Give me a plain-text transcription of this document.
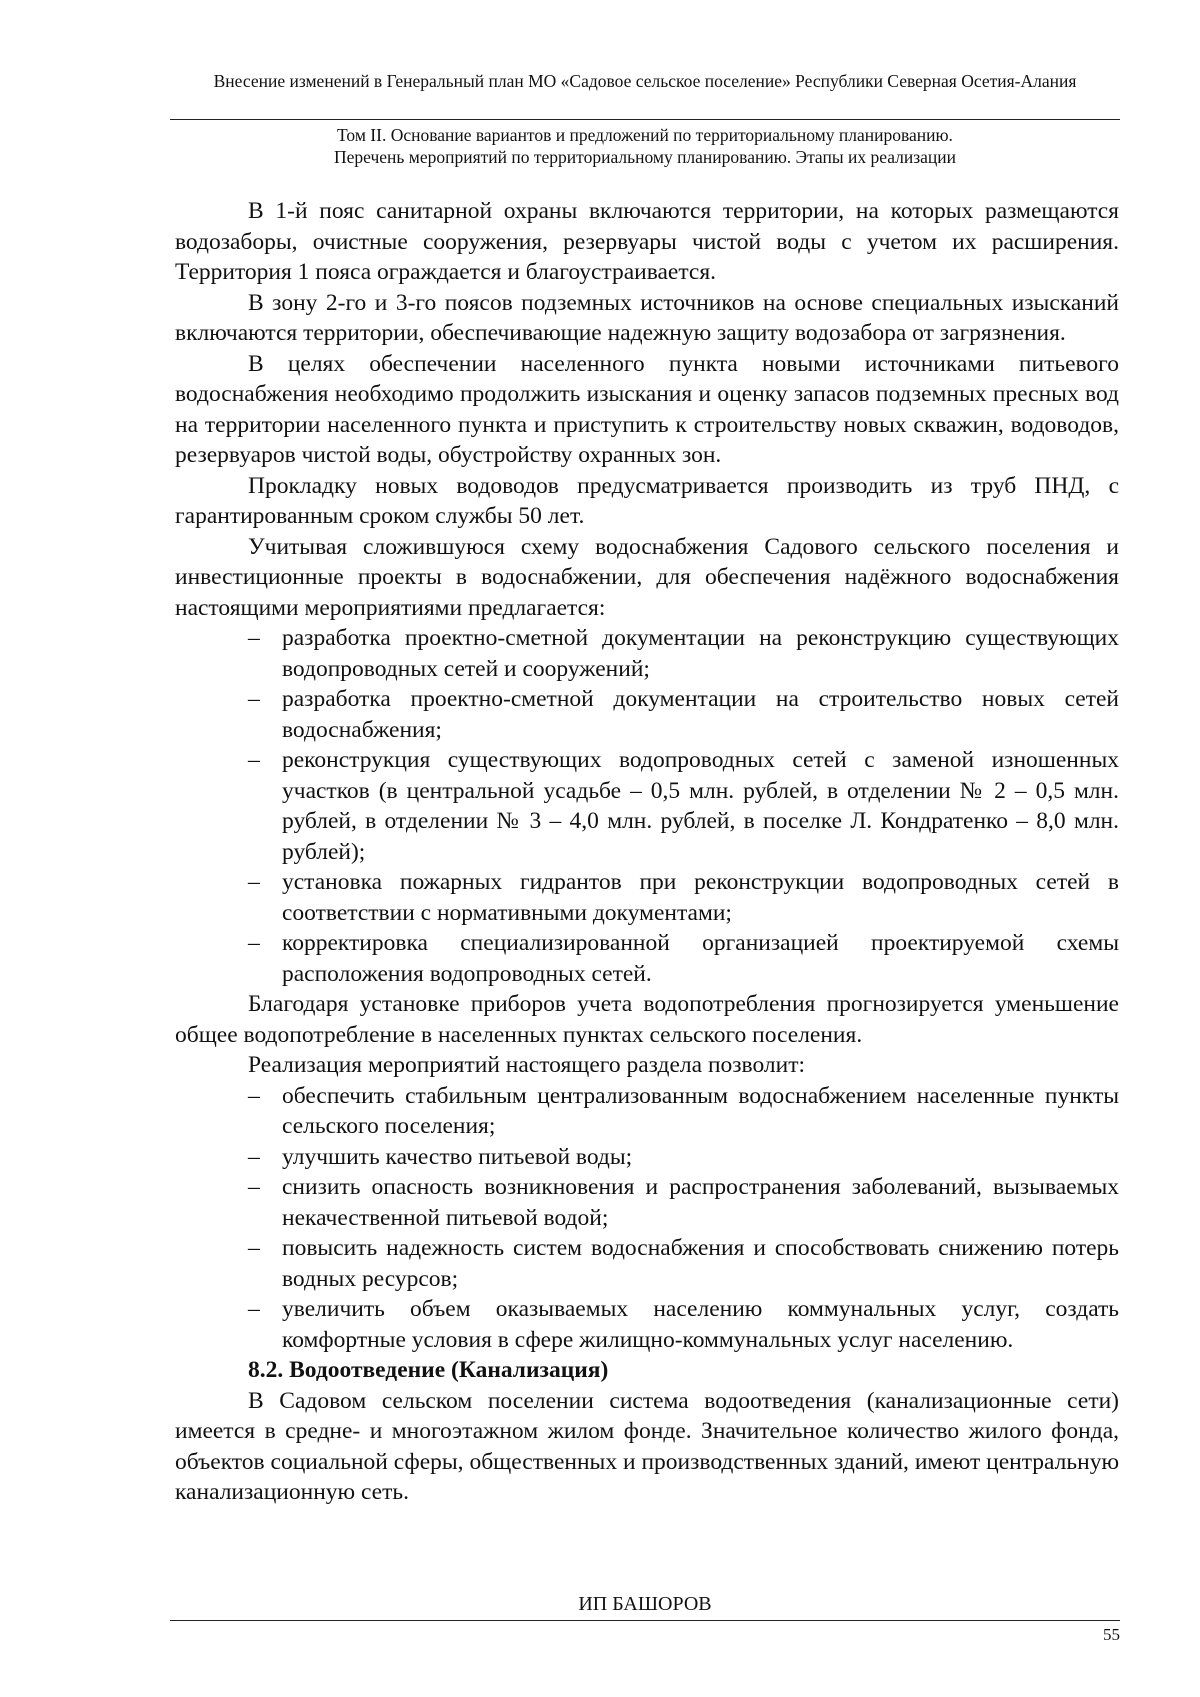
Внесение изменений в Генеральный план МО «Садовое сельское поселение» Республики Северная Осетия-Алания
Том II. Основание вариантов и предложений по территориальному планированию.
Перечень мероприятий по территориальному планированию. Этапы их реализации

В 1-й пояс санитарной охраны включаются территории, на которых размещаются водозаборы, очистные сооружения, резервуары чистой воды с учетом их расширения. Территория 1 пояса ограждается и благоустраивается.

В зону 2-го и 3-го поясов подземных источников на основе специальных изысканий включаются территории, обеспечивающие надежную защиту водозабора от загрязнения.

В целях обеспечении населенного пункта новыми источниками питьевого водоснабжения необходимо продолжить изыскания и оценку запасов подземных пресных вод на территории населенного пункта и приступить к строительству новых скважин, водоводов, резервуаров чистой воды, обустройству охранных зон.

Прокладку новых водоводов предусматривается производить из труб ПНД, с гарантированным сроком службы 50 лет.

Учитывая сложившуюся схему водоснабжения Садового сельского поселения и инвестиционные проекты в водоснабжении, для обеспечения надёжного водоснабжения настоящими мероприятиями предлагается:

– разработка проектно-сметной документации на реконструкцию существующих водопроводных сетей и сооружений;
– разработка проектно-сметной документации на строительство новых сетей водоснабжения;
– реконструкция существующих водопроводных сетей с заменой изношенных участков (в центральной усадьбе – 0,5 млн. рублей, в отделении № 2 – 0,5 млн. рублей, в отделении № 3 – 4,0 млн. рублей, в поселке Л. Кондратенко – 8,0 млн. рублей);
– установка пожарных гидрантов при реконструкции водопроводных сетей в соответствии с нормативными документами;
– корректировка специализированной организацией проектируемой схемы расположения водопроводных сетей.

Благодаря установке приборов учета водопотребления прогнозируется уменьшение общее водопотребление в населенных пунктах сельского поселения.

Реализация мероприятий настоящего раздела позволит:

– обеспечить стабильным централизованным водоснабжением населенные пункты сельского поселения;
– улучшить качество питьевой воды;
– снизить опасность возникновения и распространения заболеваний, вызываемых некачественной питьевой водой;
– повысить надежность систем водоснабжения и способствовать снижению потерь водных ресурсов;
– увеличить объем оказываемых населению коммунальных услуг, создать комфортные условия в сфере жилищно-коммунальных услуг населению.

8.2. Водоотведение (Канализация)

В Садовом сельском поселении система водоотведения (канализационные сети) имеется в средне- и многоэтажном жилом фонде. Значительное количество жилого фонда, объектов социальной сферы, общественных и производственных зданий, имеют центральную канализационную сеть.

ИП БАШОРОВ
55
